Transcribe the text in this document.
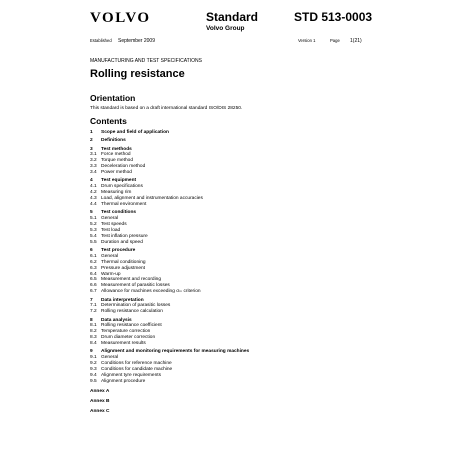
VOLVO	Standard
Volvo Group
STD 513-0003
Established September 2009	Version 1	Page 1(21)
MANUFACTURING AND TEST SPECIFICATIONS
Rolling resistance
Orientation
This standard is based on a draft international standard ISO/DIS 28250.
Contents
1 Scope and field of application
2 Definitions
3 Test methods
3.1 Force method
3.2 Torque method
3.3 Deceleration method
3.4 Power method
4 Test equipment
4.1 Drum specifications
4.2 Measuring rim
4.3 Load, alignment and instrumentation accuracies
4.4 Thermal environment
5 Test conditions
5.1 General
5.2 Test speeds
5.3 Test load
5.4 Test inflation pressure
5.5 Duration and speed
6 Test procedure
6.1 General
6.2 Thermal conditioning
6.3 Pressure adjustment
6.4 Warm-up
6.5 Measurement and recording
6.6 Measurement of parasitic losses
6.7 Allowance for machines exceeding σₘ criterion
7 Data interpretation
7.1 Determination of parasitic losses
7.2 Rolling resistance calculation
8 Data analysis
8.1 Rolling resistance coefficient
8.2 Temperature correction
8.3 Drum diameter correction
8.4 Measurement results
9 Alignment and monitoring requirements for measuring machines
9.1 General
9.2 Conditions for reference machine
9.3 Conditions for candidate machine
9.4 Alignment tyre requirements
9.5 Alignment procedure
Annex A
Annex B
Annex C
